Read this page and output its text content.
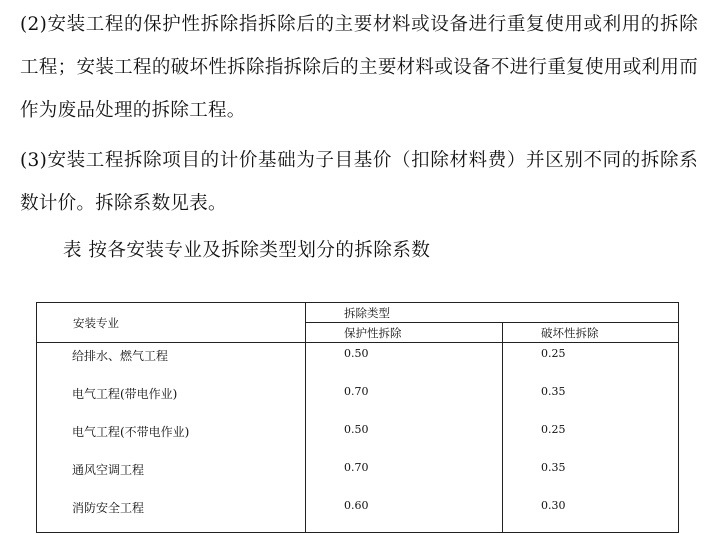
(2)安装工程的保护性拆除指拆除后的主要材料或设备进行重复使用或利用的拆除工程；安装工程的破坏性拆除指拆除后的主要材料或设备不进行重复使用或利用而作为废品处理的拆除工程。

(3)安装工程拆除项目的计价基础为子目基价（扣除材料费）并区别不同的拆除系数计价。拆除系数见表。

表 按各安装专业及拆除类型划分的拆除系数

安装专业	拆除类型	
	保护性拆除	破坏性拆除
给排水、燃气工程	0.50	0.25
电气工程(带电作业)	0.70	0.35
电气工程(不带电作业)	0.50	0.25
通风空调工程	0.70	0.35
消防安全工程	0.60	0.30
